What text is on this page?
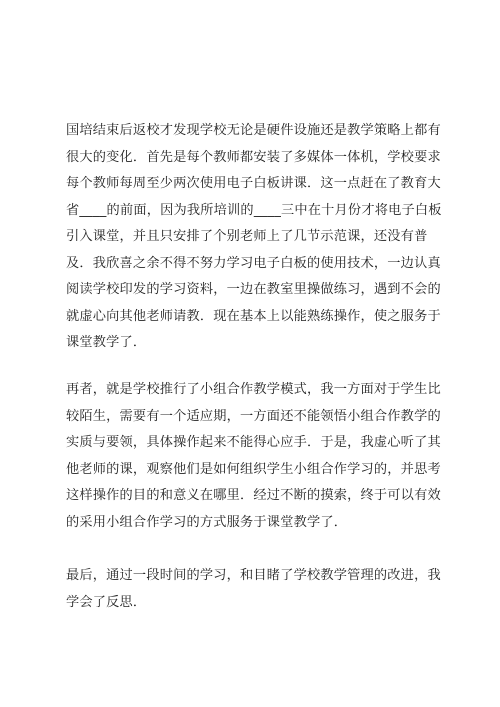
国培结束后返校才发现学校无论是硬件设施还是教学策略上都有
很大的变化．首先是每个教师都安装了多媒体一体机，学校要求
每个教师每周至少两次使用电子白板讲课．这一点赶在了教育大
省____的前面，因为我所培训的____三中在十月份才将电子白板
引入课堂，并且只安排了个别老师上了几节示范课，还没有普
及．我欣喜之余不得不努力学习电子白板的使用技术，一边认真
阅读学校印发的学习资料，一边在教室里操做练习，遇到不会的
就虚心向其他老师请教．现在基本上以能熟练操作，使之服务于
课堂教学了．
再者，就是学校推行了小组合作教学模式，我一方面对于学生比
较陌生，需要有一个适应期，一方面还不能领悟小组合作教学的
实质与要领，具体操作起来不能得心应手．于是，我虚心听了其
他老师的课，观察他们是如何组织学生小组合作学习的，并思考
这样操作的目的和意义在哪里．经过不断的摸索，终于可以有效
的采用小组合作学习的方式服务于课堂教学了．
最后，通过一段时间的学习，和目睹了学校教学管理的改进，我
学会了反思．
